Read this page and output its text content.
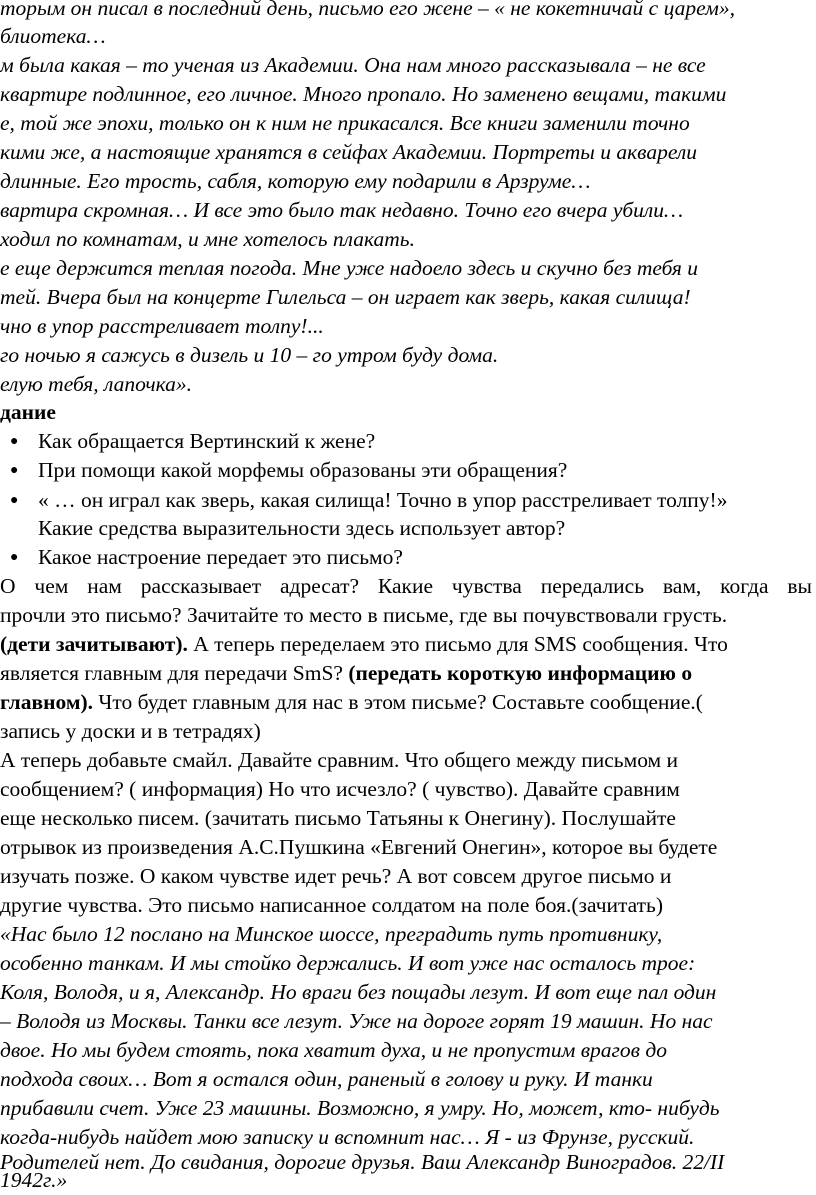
торым он писал в последний день, письмо его жене – « не кокетничай с царем»,
блиотека…
м была какая – то ученая из Академии. Она нам много рассказывала – не все
квартире подлинное, его личное. Много пропало. Но заменено вещами, такими
е, той же эпохи, только он к ним не прикасался. Все книги заменили точно
кими же, а настоящие хранятся в сейфах Академии. Портреты и акварели
длинные. Его трость, сабля, которую ему подарили в Арзруме…
вартира скромная… И все это было так недавно. Точно его вчера убили…
ходил по комнатам, и мне хотелось плакать.
е еще держится теплая погода. Мне уже надоело здесь и скучно без тебя и
тей. Вчера был на концерте Гилельса – он играет как зверь, какая силища!
чно в упор расстреливает толпу!...
го ночью я сажусь в дизель и 10 – го утром буду дома.
елую тебя, лапочка».
дание
● Как обращается Вертинский к жене?
● При помощи какой морфемы образованы эти обращения?
● « … он играл как зверь, какая силища! Точно в упор расстреливает толпу!»
Какие средства выразительности здесь использует автор?
● Какое настроение передает это письмо?
О чем нам рассказывает адресат? Какие чувства передались вам, когда вы
прочли это письмо? Зачитайте то место в письме, где вы почувствовали грусть.
(дети зачитывают). А теперь переделаем это письмо для SMS сообщения. Что
является главным для передачи SmS? (передать короткую информацию о
главном). Что будет главным для нас в этом письме? Составьте сообщение.(
запись у доски и в тетрадях)
А теперь добавьте смайл. Давайте сравним. Что общего между письмом и
сообщением? ( информация) Но что исчезло? ( чувство). Давайте сравним
еще несколько писем. (зачитать письмо Татьяны к Онегину). Послушайте
отрывок из произведения А.С.Пушкина «Евгений Онегин», которое вы будете
изучать позже. О каком чувстве идет речь? А вот совсем другое письмо и
другие чувства. Это письмо написанное солдатом на поле боя.(зачитать)
«Нас было 12 послано на Минское шоссе, преградить путь противнику,
особенно танкам. И мы стойко держались. И вот уже нас осталось трое:
Коля, Володя, и я, Александр. Но враги без пощады лезут. И вот еще пал один
– Володя из Москвы. Танки все лезут. Уже на дороге горят 19 машин. Но нас
двое. Но мы будем стоять, пока хватит духа, и не пропустим врагов до
подхода своих… Вот я остался один, раненый в голову и руку. И танки
прибавили счет. Уже 23 машины. Возможно, я умру. Но, может, кто- нибудь
когда-нибудь найдет мою записку и вспомнит нас… Я - из Фрунзе, русский.
Родителей нет. До свидания, дорогие друзья. Ваш Александр Виноградов. 22/II
1942г.»
